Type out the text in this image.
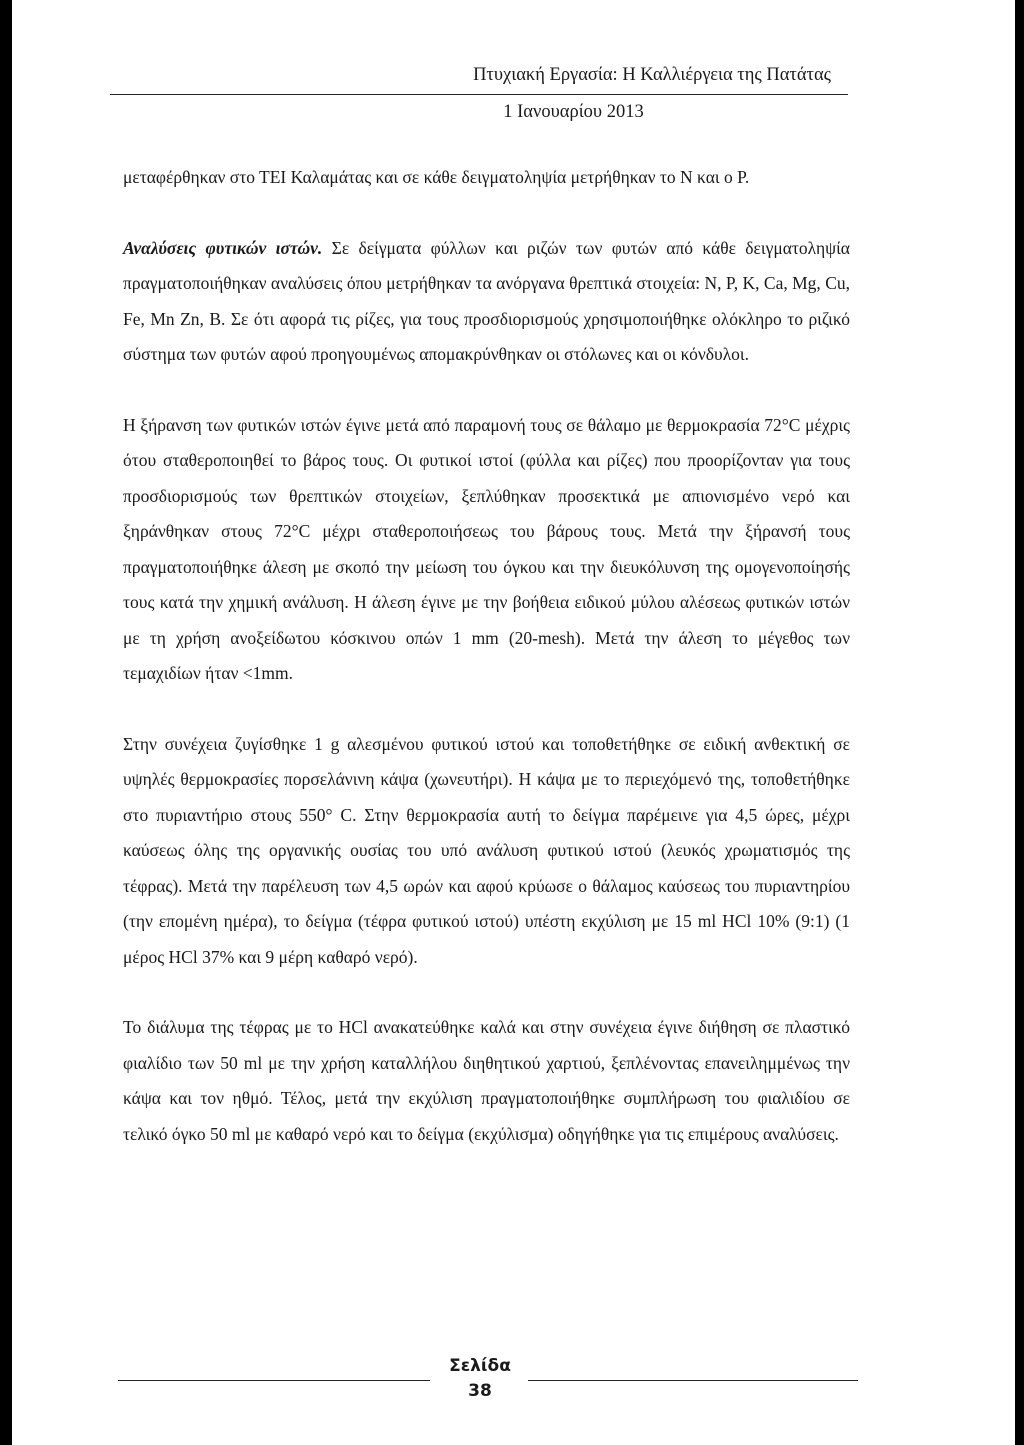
Πτυχιακή Εργασία: Η Καλλιέργεια της Πατάτας
1 Ιανουαρίου 2013

μεταφέρθηκαν στο ΤΕΙ Καλαμάτας και σε κάθε δειγματοληψία μετρήθηκαν το Ν και ο Ρ.

Αναλύσεις φυτικών ιστών. Σε δείγματα φύλλων και ριζών των φυτών από κάθε δειγματοληψία πραγματοποιήθηκαν αναλύσεις όπου μετρήθηκαν τα ανόργανα θρεπτικά στοιχεία: N, P, K, Ca, Mg, Cu, Fe, Mn Zn, B. Σε ότι αφορά τις ρίζες, για τους προσδιορισμούς χρησιμοποιήθηκε ολόκληρο το ριζικό σύστημα των φυτών αφού προηγουμένως απομακρύνθηκαν οι στόλωνες και οι κόνδυλοι.

Η ξήρανση των φυτικών ιστών έγινε μετά από παραμονή τους σε θάλαμο με θερμοκρασία 72°C μέχρις ότου σταθεροποιηθεί το βάρος τους. Οι φυτικοί ιστοί (φύλλα και ρίζες) που προορίζονταν για τους προσδιορισμούς των θρεπτικών στοιχείων, ξεπλύθηκαν προσεκτικά με απιονισμένο νερό και ξηράνθηκαν στους 72°C μέχρι σταθεροποιήσεως του βάρους τους. Μετά την ξήρανσή τους πραγματοποιήθηκε άλεση με σκοπό την μείωση του όγκου και την διευκόλυνση της ομογενοποίησής τους κατά την χημική ανάλυση. Η άλεση έγινε με την βοήθεια ειδικού μύλου αλέσεως φυτικών ιστών με τη χρήση ανοξείδωτου κόσκινου οπών 1 mm (20-mesh). Μετά την άλεση το μέγεθος των τεμαχιδίων ήταν <1mm.

Στην συνέχεια ζυγίσθηκε 1 g αλεσμένου φυτικού ιστού και τοποθετήθηκε σε ειδική ανθεκτική σε υψηλές θερμοκρασίες πορσελάνινη κάψα (χωνευτήρι). Η κάψα με το περιεχόμενό της, τοποθετήθηκε στο πυριαντήριο στους 550° C. Στην θερμοκρασία αυτή το δείγμα παρέμεινε για 4,5 ώρες, μέχρι καύσεως όλης της οργανικής ουσίας του υπό ανάλυση φυτικού ιστού (λευκός χρωματισμός της τέφρας). Μετά την παρέλευση των 4,5 ωρών και αφού κρύωσε ο θάλαμος καύσεως του πυριαντηρίου (την επομένη ημέρα), το δείγμα (τέφρα φυτικού ιστού) υπέστη εκχύλιση με 15 ml HCl 10% (9:1) (1 μέρος HCl 37% και 9 μέρη καθαρό νερό).

Το διάλυμα της τέφρας με το HCl ανακατεύθηκε καλά και στην συνέχεια έγινε διήθηση σε πλαστικό φιαλίδιο των 50 ml με την χρήση καταλλήλου διηθητικού χαρτιού, ξεπλένοντας επανειλημμένως την κάψα και τον ηθμό. Τέλος, μετά την εκχύλιση πραγματοποιήθηκε συμπλήρωση του φιαλιδίου σε τελικό όγκο 50 ml με καθαρό νερό και το δείγμα (εκχύλισμα) οδηγήθηκε για τις επιμέρους αναλύσεις.

Σελίδα
38
